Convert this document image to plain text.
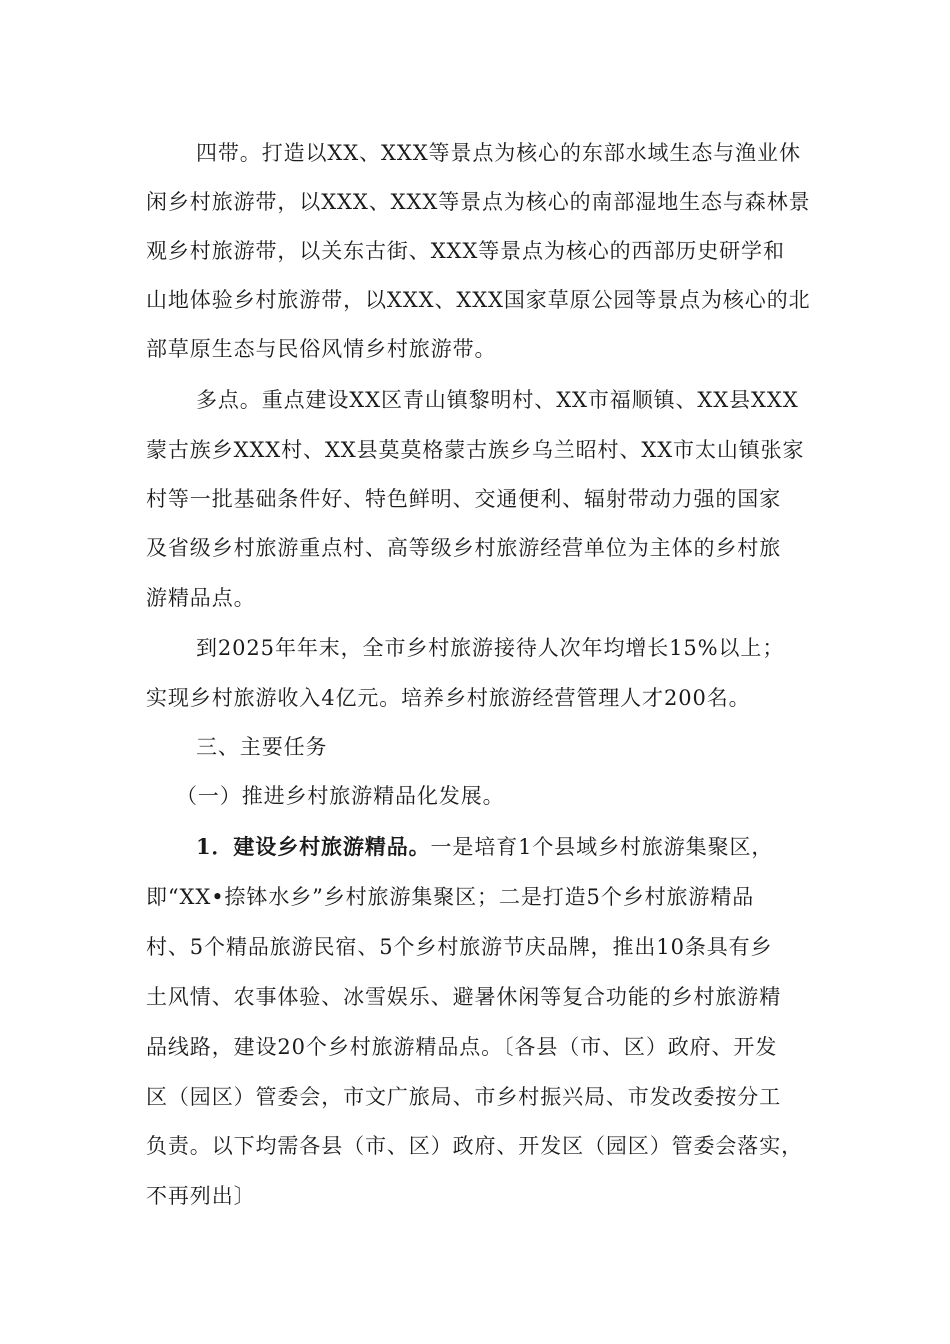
四带。打造以XX、XXX等景点为核心的东部水域生态与渔业休
闲乡村旅游带，以XXX、XXX等景点为核心的南部湿地生态与森林景
观乡村旅游带，以关东古街、XXX等景点为核心的西部历史研学和
山地体验乡村旅游带，以XXX、XXX国家草原公园等景点为核心的北
部草原生态与民俗风情乡村旅游带。
多点。重点建设XX区青山镇黎明村、XX市福顺镇、XX县XXX
蒙古族乡XXX村、XX县莫莫格蒙古族乡乌兰昭村、XX市太山镇张家
村等一批基础条件好、特色鲜明、交通便利、辐射带动力强的国家
及省级乡村旅游重点村、高等级乡村旅游经营单位为主体的乡村旅
游精品点。
到2025年年末，全市乡村旅游接待人次年均增长15%以上；
实现乡村旅游收入4亿元。培养乡村旅游经营管理人才200名。
三、主要任务
（一）推进乡村旅游精品化发展。
1．建设乡村旅游精品。一是培育1个县域乡村旅游集聚区，
即“XX•捺钵水乡”乡村旅游集聚区；二是打造5个乡村旅游精品
村、5个精品旅游民宿、5个乡村旅游节庆品牌，推出10条具有乡
土风情、农事体验、冰雪娱乐、避暑休闲等复合功能的乡村旅游精
品线路，建设20个乡村旅游精品点。〔各县（市、区）政府、开发
区（园区）管委会，市文广旅局、市乡村振兴局、市发改委按分工
负责。以下均需各县（市、区）政府、开发区（园区）管委会落实，
不再列出〕
